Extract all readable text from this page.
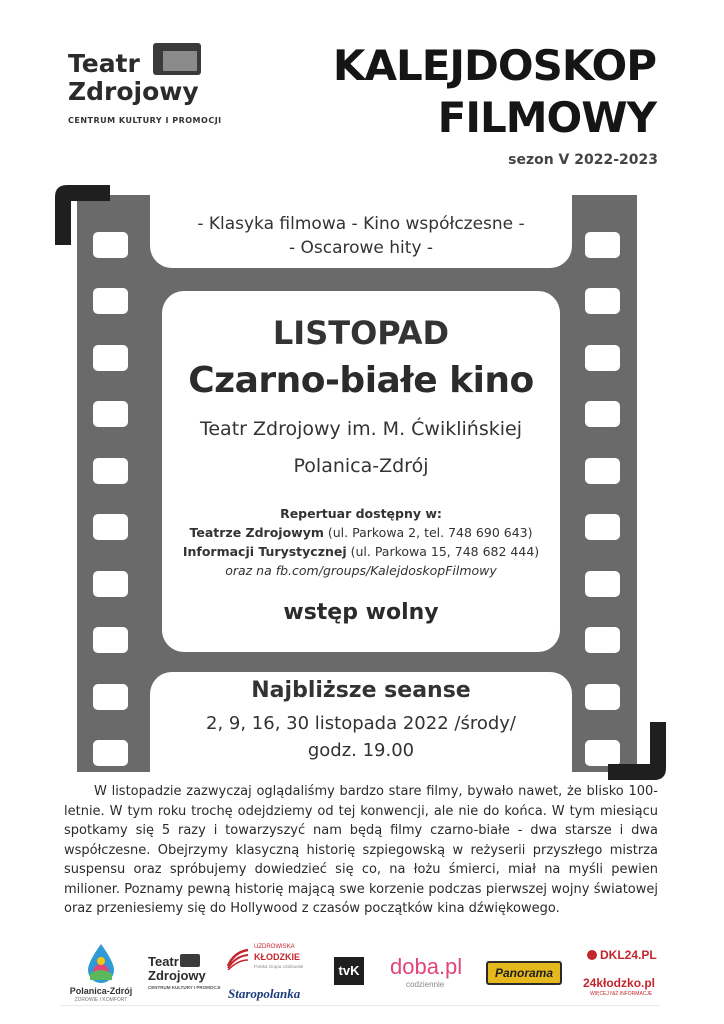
Teatr
Zdrojowy
CENTRUM KULTURY I PROMOCJI
KALEJDOSKOP
FILMOWY
sezon V 2022-2023
- Klasyka filmowa - Kino współczesne -
- Oscarowe hity -
LISTOPAD
Czarno-białe kino
Teatr Zdrojowy im. M. Ćwiklińskiej
Polanica-Zdrój
Repertuar dostępny w:
Teatrze Zdrojowym (ul. Parkowa 2, tel. 748 690 643)
Informacji Turystycznej (ul. Parkowa 15, 748 682 444)
oraz na fb.com/groups/KalejdoskopFilmowy
wstęp wolny
Najbliższe seanse
2, 9, 16, 30 listopada 2022 /środy/
godz. 19.00

W listopadzie zazwyczaj oglądaliśmy bardzo stare filmy, bywało nawet, że blisko 100-letnie. W tym roku trochę odejdziemy od tej konwencji, ale nie do końca. W tym miesiącu spotkamy się 5 razy i towarzyszyć nam będą filmy czarno-białe - dwa starsze i dwa współczesne. Obejrzymy klasyczną historię szpiegowską w reżyserii przyszłego mistrza suspensu oraz spróbujemy dowiedzieć się co, na łożu śmierci, miał na myśli pewien milioner. Poznamy pewną historię mającą swe korzenie podczas pierwszej wojny światowej oraz przeniesiemy się do Hollywood z czasów początków kina dźwiękowego.

Polanica-Zdrój
ZDROWIE I KOMFORT
Teatr
Zdrojowy
CENTRUM KULTURY I PROMOCJI
UZDROWISKA
KŁODZKIE
Polska Grupa Uzdrowisk
Staropolanka
tvK doba.pl
codziennie
Panorama
DKL24.PL
24kłodzko.pl
WIĘCEJ NIŻ INFORMACJE
